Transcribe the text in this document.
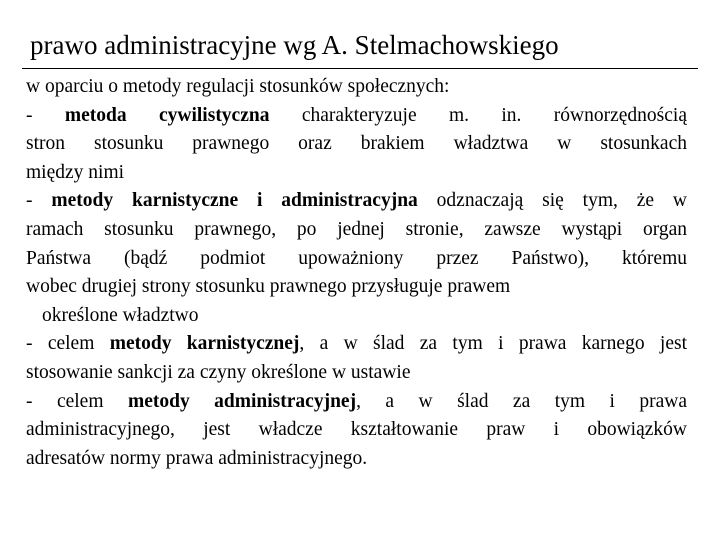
prawo administracyjne wg A. Stelmachowskiego
w oparciu o metody regulacji stosunków społecznych:
- metoda cywilistyczna charakteryzuje m. in. równorzędnością
stron stosunku prawnego oraz brakiem władztwa w stosunkach
między nimi
- metody karnistyczne i administracyjna odznaczają się tym, że w
ramach stosunku prawnego, po jednej stronie, zawsze wystąpi organ
Państwa (bądź podmiot upoważniony przez Państwo), któremu
wobec drugiej strony stosunku prawnego przysługuje prawem
określone władztwo
- celem metody karnistycznej, a w ślad za tym i prawa karnego jest
stosowanie sankcji za czyny określone w ustawie
- celem metody administracyjnej, a w ślad za tym i prawa
administracyjnego, jest władcze kształtowanie praw i obowiązków
adresatów normy prawa administracyjnego.
